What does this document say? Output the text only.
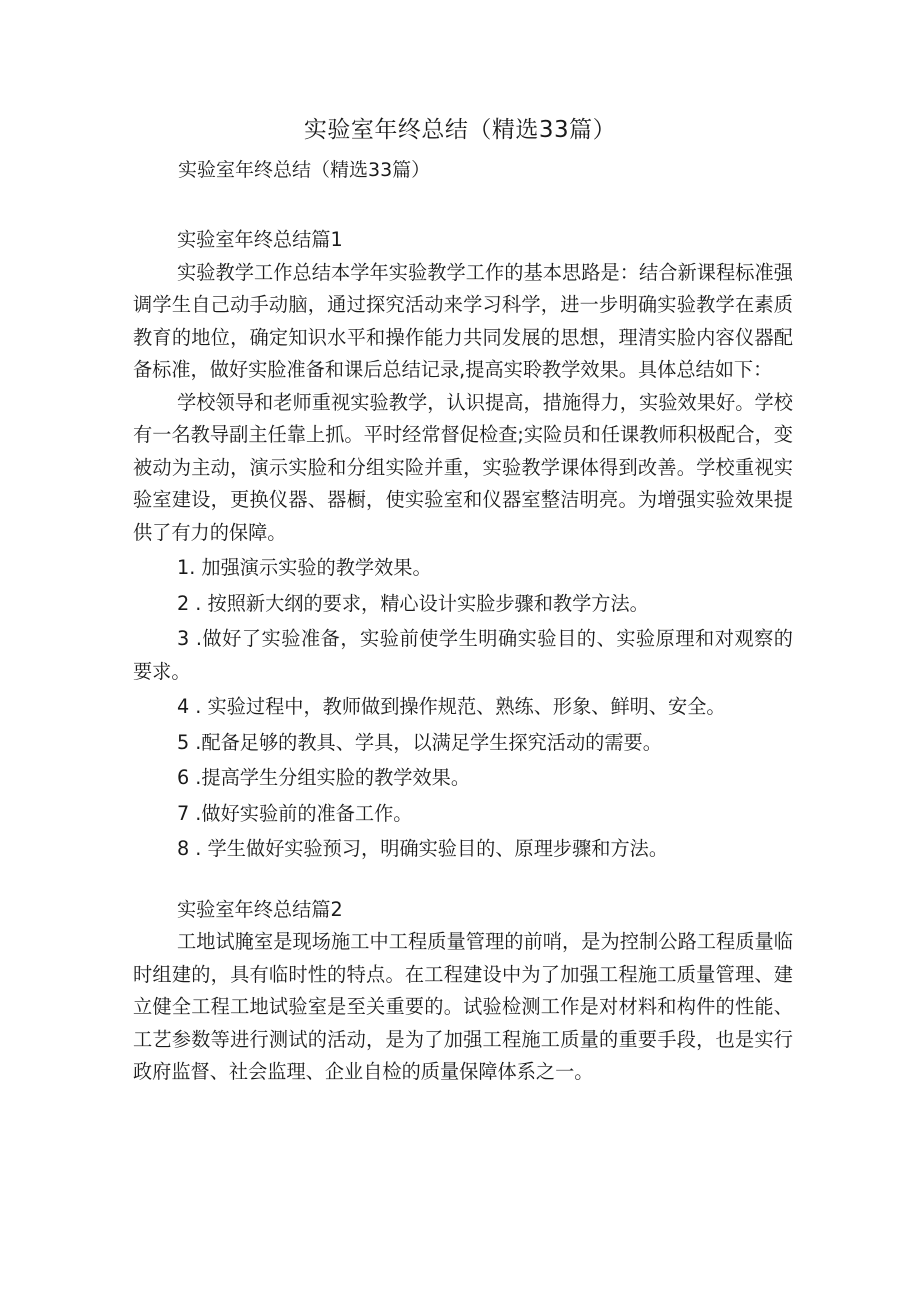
实验室年终总结（精选33篇）

实验室年终总结（精选33篇）

实验室年终总结篇1

实验教学工作总结本学年实验教学工作的基本思路是：结合新课程标准强调学生自己动手动脑，通过探究活动来学习科学，进一步明确实验教学在素质教育的地位，确定知识水平和操作能力共同发展的思想，理清实脸内容仪器配备标准，做好实脸准备和课后总结记录,提高实聆教学效果。具体总结如下：

学校领导和老师重视实验教学，认识提高，措施得力，实验效果好。学校有一名教导副主任靠上抓。平时经常督促检查;实险员和任课教师积极配合，变被动为主动，演示实脸和分组实险并重，实验教学课体得到改善。学校重视实验室建设，更换仪器、器橱，使实验室和仪器室整洁明亮。为增强实验效果提供了有力的保障。

1. 加强演示实验的教学效果。

2 . 按照新大纲的要求，精心设计实脸步骤和教学方法。

3 .做好了实验准备，实验前使学生明确实验目的、实验原理和对观察的要求。

4 . 实验过程中，教师做到操作规范、熟练、形象、鲜明、安全。

5 .配备足够的教具、学具，以满足学生探究活动的需要。

6 .提高学生分组实脸的教学效果。

7 .做好实验前的准备工作。

8 . 学生做好实验预习，明确实验目的、原理步骤和方法。

实验室年终总结篇2

工地试腌室是现场施工中工程质量管理的前哨，是为控制公路工程质量临时组建的，具有临时性的特点。在工程建设中为了加强工程施工质量管理、建立健全工程工地试验室是至关重要的。试验检测工作是对材料和构件的性能、工艺参数等进行测试的活动，是为了加强工程施工质量的重要手段，也是实行政府监督、社会监理、企业自检的质量保障体系之一。
